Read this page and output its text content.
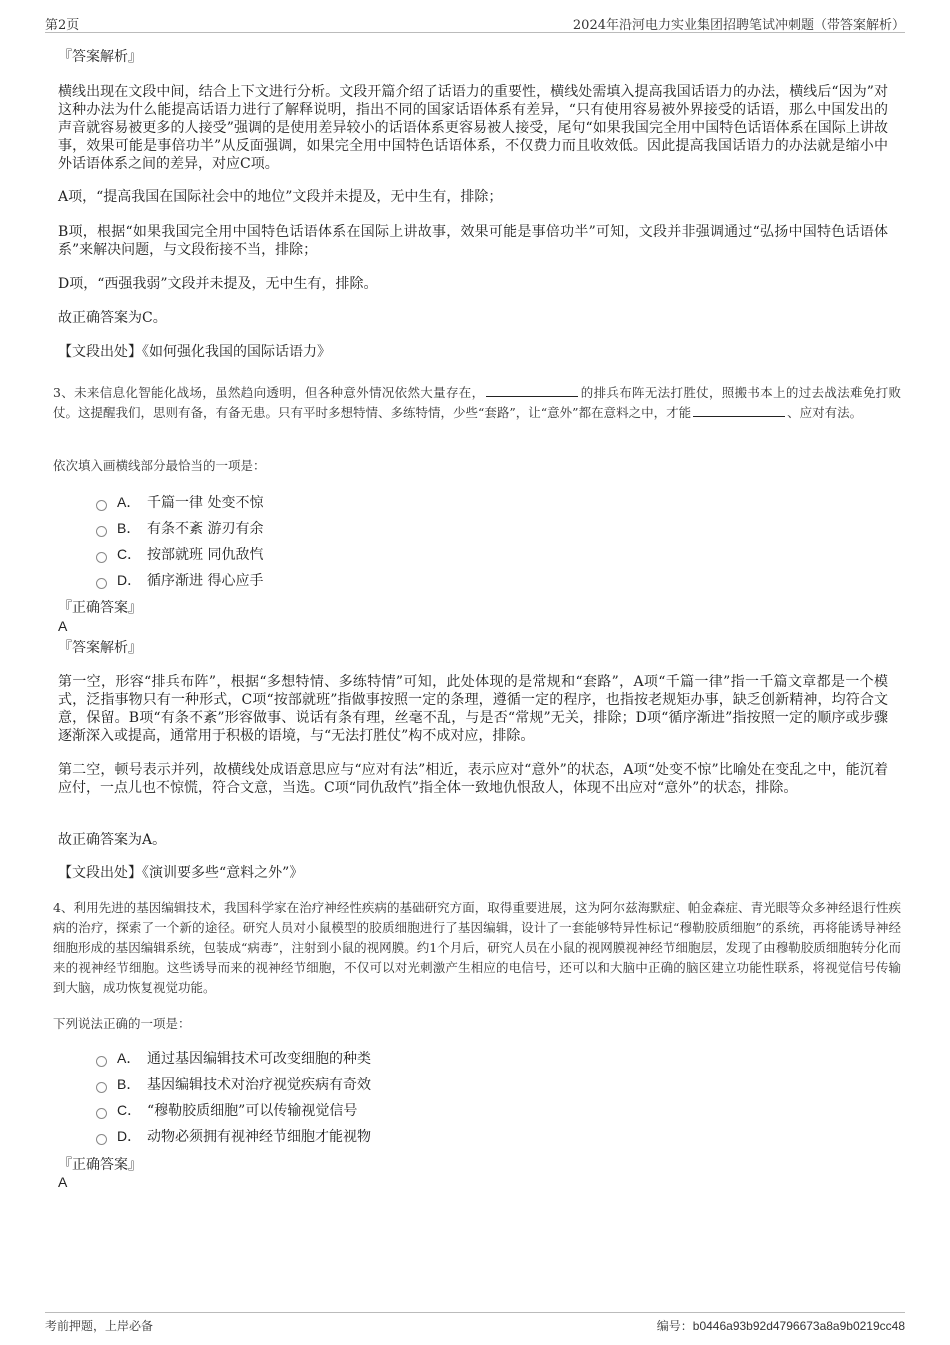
第2页	2024年沿河电力实业集团招聘笔试冲刺题（带答案解析）
『答案解析』
横线出现在文段中间，结合上下文进行分析。文段开篇介绍了话语力的重要性，横线处需填入提高我国话语力的办法，横线后“因为”对这种办法为什么能提高话语力进行了解释说明，指出不同的国家话语体系有差异，“只有使用容易被外界接受的话语，那么中国发出的声音就容易被更多的人接受”强调的是使用差异较小的话语体系更容易被人接受，尾句“如果我国完全用中国特色话语体系在国际上讲故事，效果可能是事倍功半”从反面强调，如果完全用中国特色话语体系，不仅费力而且收效低。因此提高我国话语力的办法就是缩小中外话语体系之间的差异，对应C项。
A项，“提高我国在国际社会中的地位”文段并未提及，无中生有，排除；
B项，根据“如果我国完全用中国特色话语体系在国际上讲故事，效果可能是事倍功半”可知，文段并非强调通过“弘扬中国特色话语体系”来解决问题，与文段衔接不当，排除；
D项，“西强我弱”文段并未提及，无中生有，排除。
故正确答案为C。
【文段出处】《如何强化我国的国际话语力》
3、未来信息化智能化战场，虽然趋向透明，但各种意外情况依然大量存在，	的排兵布阵无法打胜仗，照搬书本上的过去战法难免打败仗。这提醒我们，思则有备，有备无患。只有平时多想特情、多练特情，少些“套路”，让“意外”都在意料之中，才能	、应对有法。
依次填入画横线部分最恰当的一项是：
A． 千篇一律 处变不惊
B． 有条不紊 游刃有余
C． 按部就班 同仇敌忾
D． 循序渐进 得心应手
『正确答案』
A
『答案解析』
第一空，形容“排兵布阵”，根据“多想特情、多练特情”可知，此处体现的是常规和“套路”，A项“千篇一律”指一千篇文章都是一个模式，泛指事物只有一种形式，C项“按部就班”指做事按照一定的条理，遵循一定的程序，也指按老规矩办事，缺乏创新精神，均符合文意，保留。B项“有条不紊”形容做事、说话有条有理，丝毫不乱，与是否“常规”无关，排除；D项“循序渐进”指按照一定的顺序或步骤逐渐深入或提高，通常用于积极的语境，与“无法打胜仗”构不成对应，排除。
第二空，顿号表示并列，故横线处成语意思应与“应对有法”相近，表示应对“意外”的状态，A项“处变不惊”比喻处在变乱之中，能沉着应付，一点儿也不惊慌，符合文意，当选。C项“同仇敌忾”指全体一致地仇恨敌人，体现不出应对“意外”的状态，排除。
故正确答案为A。
【文段出处】《演训要多些“意料之外”》
4、利用先进的基因编辑技术，我国科学家在治疗神经性疾病的基础研究方面，取得重要进展，这为阿尔兹海默症、帕金森症、青光眼等众多神经退行性疾病的治疗，探索了一个新的途径。研究人员对小鼠模型的胶质细胞进行了基因编辑，设计了一套能够特异性标记“穆勒胶质细胞”的系统，再将能诱导神经细胞形成的基因编辑系统，包装成“病毒”，注射到小鼠的视网膜。约1个月后，研究人员在小鼠的视网膜视神经节细胞层，发现了由穆勒胶质细胞转分化而来的视神经节细胞。这些诱导而来的视神经节细胞，不仅可以对光刺激产生相应的电信号，还可以和大脑中正确的脑区建立功能性联系，将视觉信号传输到大脑，成功恢复视觉功能。
下列说法正确的一项是：
A． 通过基因编辑技术可改变细胞的种类
B． 基因编辑技术对治疗视觉疾病有奇效
C． “穆勒胶质细胞”可以传输视觉信号
D． 动物必须拥有视神经节细胞才能视物
『正确答案』
A
考前押题，上岸必备	编号：b0446a93b92d4796673a8a9b0219cc48
